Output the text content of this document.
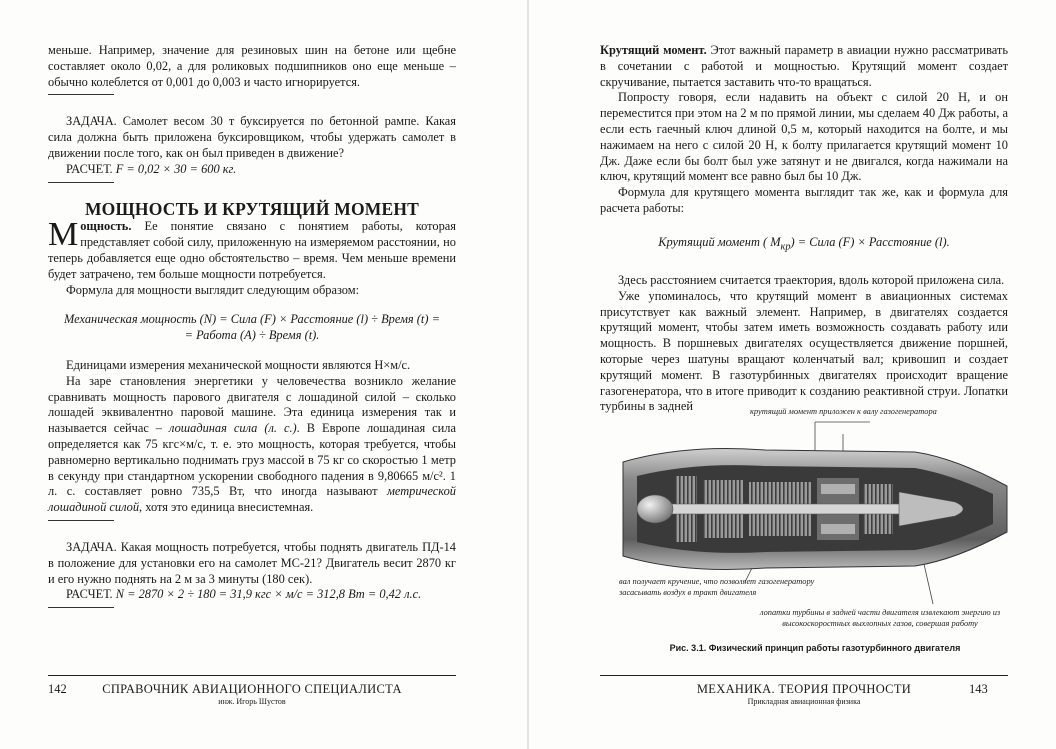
меньше. Например, значение для резиновых шин на бетоне или щебне составляет около 0,02, а для роликовых подшипников оно еще меньше – обычно колеблется от 0,001 до 0,003 и часто игнорируется.

ЗАДАЧА. Самолет весом 30 т буксируется по бетонной рампе. Какая сила должна быть приложена буксировщиком, чтобы удержать самолет в движении после того, как он был приведен в движение?

РАСЧЕТ. F = 0,02 × 30 = 600 кг.

МОЩНОСТЬ И КРУТЯЩИЙ МОМЕНТ

Мощность. Ее понятие связано с понятием работы, которая представляет собой силу, приложенную на измеряемом расстоянии, но теперь добавляется еще одно обстоятельство – время. Чем меньше времени будет затрачено, тем больше мощности потребуется.

Формула для мощности выглядит следующим образом:

Механическая мощность (N) = Сила (F) × Расстояние (l) ÷ Время (t) =
= Работа (A) ÷ Время (t).

Единицами измерения механической мощности являются Н×м/с.

На заре становления энергетики у человечества возникло желание сравнивать мощность парового двигателя с лошадиной силой – сколько лошадей эквивалентно паровой машине. Эта единица измерения так и называется сейчас – лошадиная сила (л. с.). В Европе лошадиная сила определяется как 75 кгс×м/с, т. е. это мощность, которая требуется, чтобы равномерно вертикально поднимать груз массой в 75 кг со скоростью 1 метр в секунду при стандартном ускорении свободного падения в 9,80665 м/с². 1 л. с. составляет ровно 735,5 Вт, что иногда называют метрической лошадиной силой, хотя это единица внесистемная.

ЗАДАЧА. Какая мощность потребуется, чтобы поднять двигатель ПД-14 в положение для установки его на самолет МС-21? Двигатель весит 2870 кг и его нужно поднять на 2 м за 3 минуты (180 сек).

РАСЧЕТ. N = 2870 × 2 ÷ 180 = 31,9 кгс × м/с = 312,8 Вт = 0,42 л.с.

142	СПРАВОЧНИК АВИАЦИОННОГО СПЕЦИАЛИСТА
инж. Игорь Шустов

Крутящий момент. Этот важный параметр в авиации нужно рассматривать в сочетании с работой и мощностью. Крутящий момент создает скручивание, пытается заставить что-то вращаться.

Попросту говоря, если надавить на объект с силой 20 Н, и он переместится при этом на 2 м по прямой линии, мы сделаем 40 Дж работы, а если есть гаечный ключ длиной 0,5 м, который находится на болте, и мы нажимаем на него с силой 20 Н, к болту прилагается крутящий момент 10 Дж. Даже если бы болт был уже затянут и не двигался, когда нажимали на ключ, крутящий момент все равно был бы 10 Дж.

Формула для крутящего момента выглядит так же, как и формула для расчета работы:

Крутящий момент ( $М_{кр}$) = Сила (F) × Расстояние (l).

Здесь расстоянием считается траектория, вдоль которой приложена сила.

Уже упоминалось, что крутящий момент в авиационных системах присутствует как важный элемент. Например, в двигателях создается крутящий момент, чтобы затем иметь возможность создавать работу или мощность. В поршневых двигателях осуществляется движение поршней, которые через шатуны вращают коленчатый вал; кривошип и создает крутящий момент. В газотурбинных двигателях происходит вращение газогенератора, что в итоге приводит к созданию реактивной струи. Лопатки турбины в задней	крутящий момент приложен к валу газогенератора
вал получает кручение, что позволяет газогенератору засасывать воздух в тракт двигателя
лопатки турбины в задней части двигателя извлекают энергию из высокоскоростных выхлопных газов, совершая работу
Рис. 3.1. Физический принцип работы газотурбинного двигателя
МЕХАНИКА. ТЕОРИЯ ПРОЧНОСТИ	143
Прикладная авиационная физика
